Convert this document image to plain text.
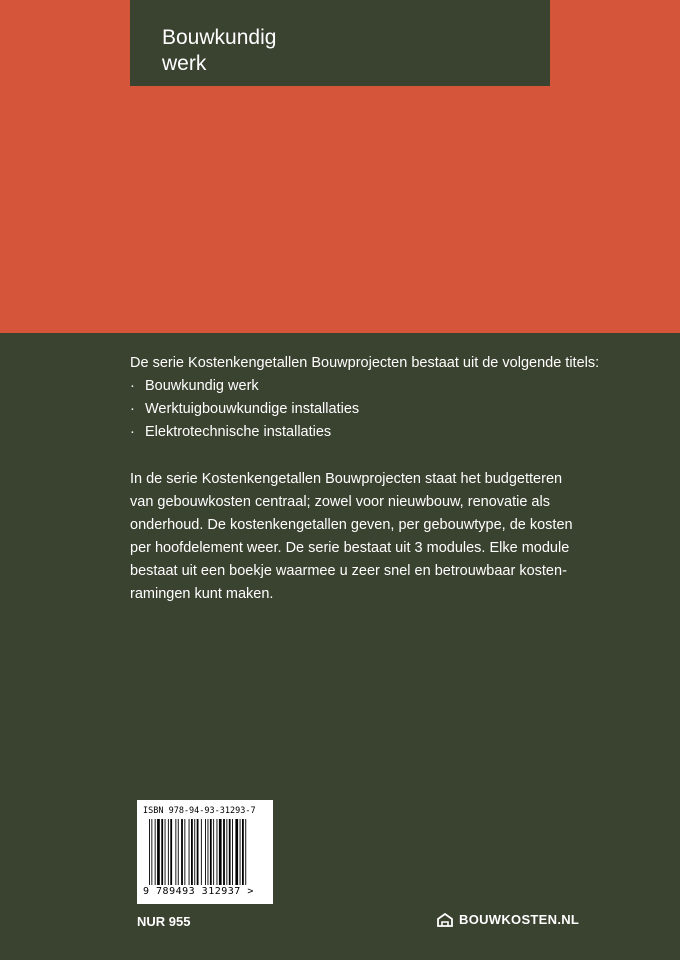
Bouwkundig
werk

De serie Kostenkengetallen Bouwprojecten bestaat uit de volgende titels:

· Bouwkundig werk
· Werktuigbouwkundige installaties
· Elektrotechnische installaties

In de serie Kostenkengetallen Bouwprojecten staat het budgetteren van gebouwkosten centraal; zowel voor nieuwbouw, renovatie als onderhoud. De kostenkengetallen geven, per gebouwtype, de kosten per hoofdelement weer. De serie bestaat uit 3 modules. Elke module bestaat uit een boekje waarmee u zeer snel en betrouwbaar kostenramingen kunt maken.

ISBN 978-94-93-31293-7
9 789493 312937 >
NUR 955	BOUWKOSTEN.NL
